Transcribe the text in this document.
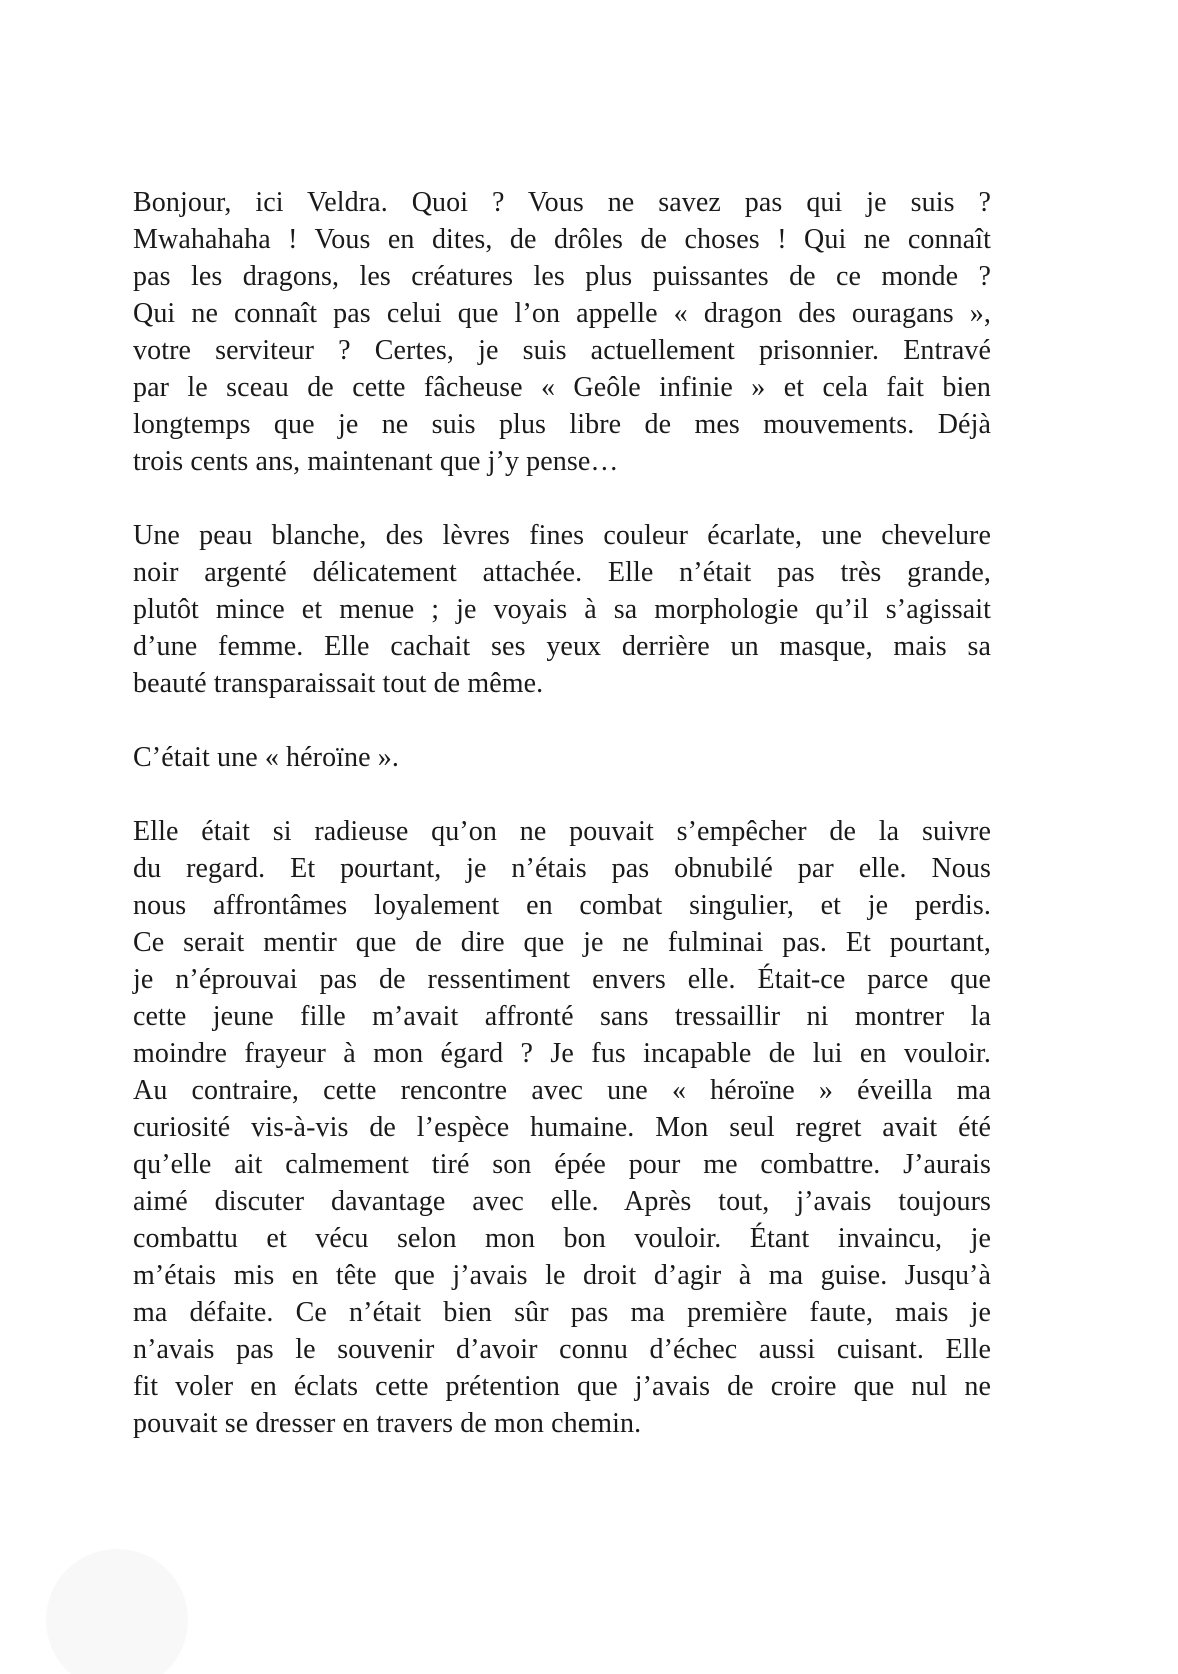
Bonjour, ici Veldra. Quoi ? Vous ne savez pas qui je suis ?
Mwahahaha ! Vous en dites, de drôles de choses ! Qui ne connaît
pas les dragons, les créatures les plus puissantes de ce monde ?
Qui ne connaît pas celui que l’on appelle « dragon des ouragans »,
votre serviteur ? Certes, je suis actuellement prisonnier. Entravé
par le sceau de cette fâcheuse « Geôle infinie » et cela fait bien
longtemps que je ne suis plus libre de mes mouvements. Déjà
trois cents ans, maintenant que j’y pense…
Une peau blanche, des lèvres fines couleur écarlate, une chevelure
noir argenté délicatement attachée. Elle n’était pas très grande,
plutôt mince et menue ; je voyais à sa morphologie qu’il s’agissait
d’une femme. Elle cachait ses yeux derrière un masque, mais sa
beauté transparaissait tout de même.
C’était une « héroïne ».
Elle était si radieuse qu’on ne pouvait s’empêcher de la suivre
du regard. Et pourtant, je n’étais pas obnubilé par elle. Nous
nous affrontâmes loyalement en combat singulier, et je perdis.
Ce serait mentir que de dire que je ne fulminai pas. Et pourtant,
je n’éprouvai pas de ressentiment envers elle. Était-ce parce que
cette jeune fille m’avait affronté sans tressaillir ni montrer la
moindre frayeur à mon égard ? Je fus incapable de lui en vouloir.
Au contraire, cette rencontre avec une « héroïne » éveilla ma
curiosité vis-à-vis de l’espèce humaine. Mon seul regret avait été
qu’elle ait calmement tiré son épée pour me combattre. J’aurais
aimé discuter davantage avec elle. Après tout, j’avais toujours
combattu et vécu selon mon bon vouloir. Étant invaincu, je
m’étais mis en tête que j’avais le droit d’agir à ma guise. Jusqu’à
ma défaite. Ce n’était bien sûr pas ma première faute, mais je
n’avais pas le souvenir d’avoir connu d’échec aussi cuisant. Elle
fit voler en éclats cette prétention que j’avais de croire que nul ne
pouvait se dresser en travers de mon chemin.
